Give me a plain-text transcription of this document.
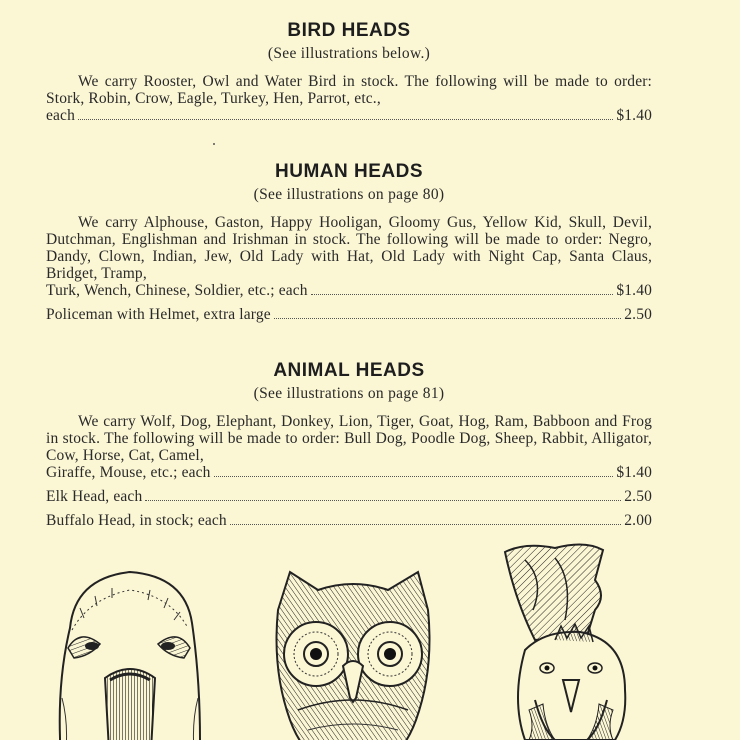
BIRD HEADS
(See illustrations below.)

We carry Rooster, Owl and Water Bird in stock. The following will be made to order: Stork, Robin, Crow, Eagle, Turkey, Hen, Parrot, etc.,

each	$1.40
HUMAN HEADS
(See illustrations on page 80)

We carry Alphouse, Gaston, Happy Hooligan, Gloomy Gus, Yellow Kid, Skull, Devil, Dutchman, Englishman and Irishman in stock. The following will be made to order: Negro, Dandy, Clown, Indian, Jew, Old Lady with Hat, Old Lady with Night Cap, Santa Claus, Bridget, Tramp,

Turk, Wench, Chinese, Soldier, etc.; each	$1.40
Policeman with Helmet, extra large	2.50
ANIMAL HEADS
(See illustrations on page 81)

We carry Wolf, Dog, Elephant, Donkey, Lion, Tiger, Goat, Hog, Ram, Babboon and Frog in stock. The following will be made to order: Bull Dog, Poodle Dog, Sheep, Rabbit, Alligator, Cow, Horse, Cat, Camel,

Giraffe, Mouse, etc.; each	$1.40
Elk Head, each	2.50
Buffalo Head, in stock; each	2.00
